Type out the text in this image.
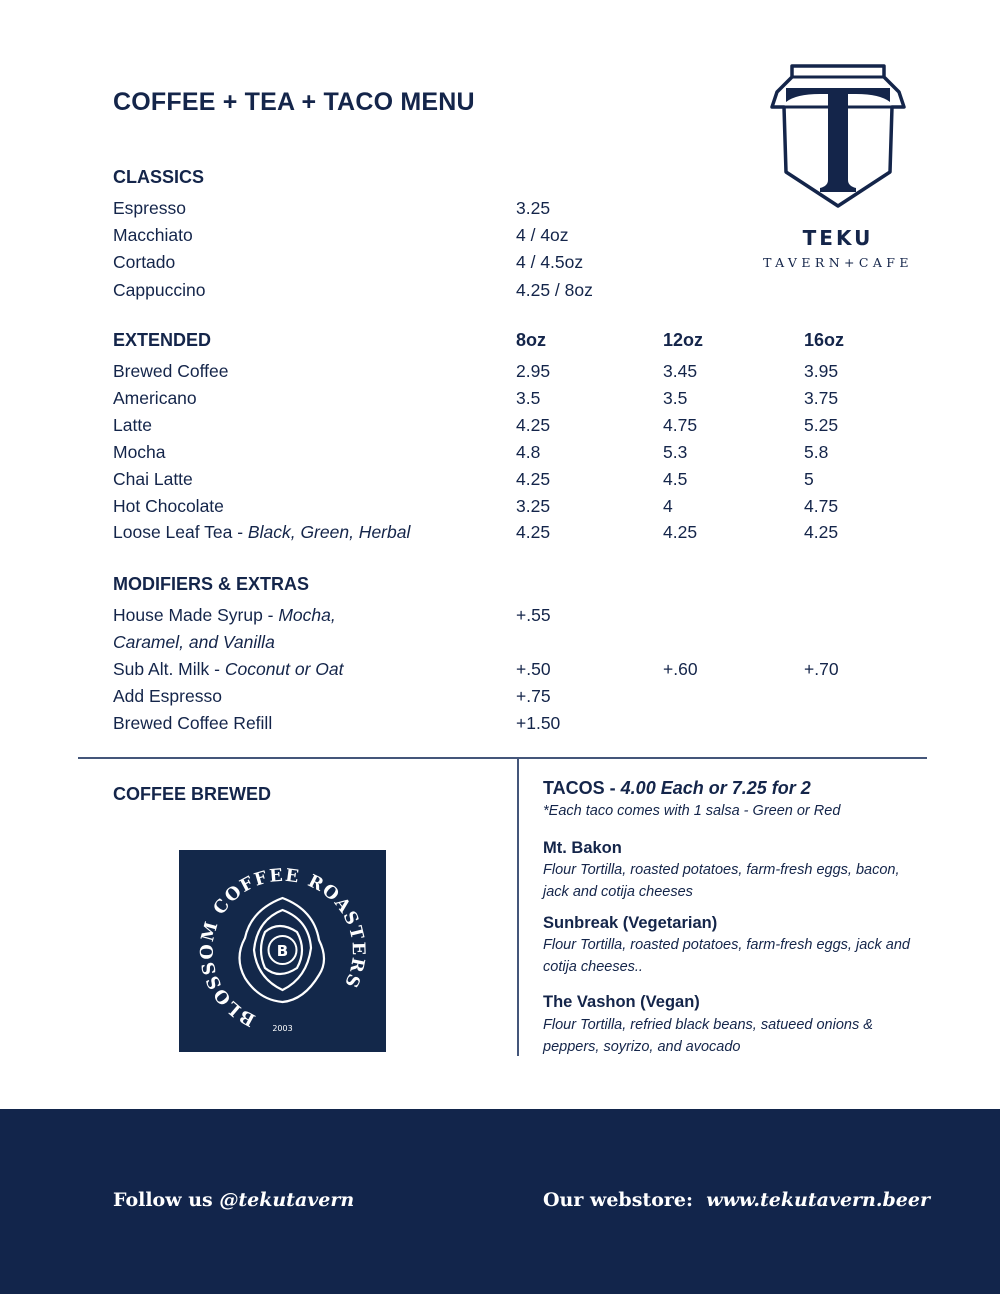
COFFEE + TEA + TACO MENU
TEKU
TAVERN+CAFE
CLASSICS
Espresso	3.25
Macchiato	4 / 4oz
Cortado	4 / 4.5oz
Cappuccino	4.25 / 8oz
EXTENDED	8oz	12oz	16oz
Brewed Coffee	2.95	3.45	3.95
Americano	3.5	3.5	3.75
Latte	4.25	4.75	5.25
Mocha	4.8	5.3	5.8
Chai Latte	4.25	4.5	5
Hot Chocolate	3.25	4	4.75
Loose Leaf Tea - Black, Green, Herbal	4.25	4.25	4.25
MODIFIERS & EXTRAS
House Made Syrup - Mocha,	+.55
Caramel, and Vanilla
Sub Alt. Milk - Coconut or Oat	+.50	+.60	+.70
Add Espresso	+.75
Brewed Coffee Refill	+1.50
COFFEE BREWED
B
BLOSSOM COFFEE ROASTERS
2003
TACOS - 4.00 Each or 7.25 for 2
*Each taco comes with 1 salsa - Green or Red
Mt. Bakon
Flour Tortilla, roasted potatoes, farm-fresh eggs, bacon, jack and cotija cheeses
Sunbreak (Vegetarian)
Flour Tortilla, roasted potatoes, farm-fresh eggs, jack and cotija cheeses..
The Vashon (Vegan)
Flour Tortilla, refried black beans, satueed onions & peppers, soyrizo, and avocado
Follow us @tekutavern	Our webstore:  www.tekutavern.beer
